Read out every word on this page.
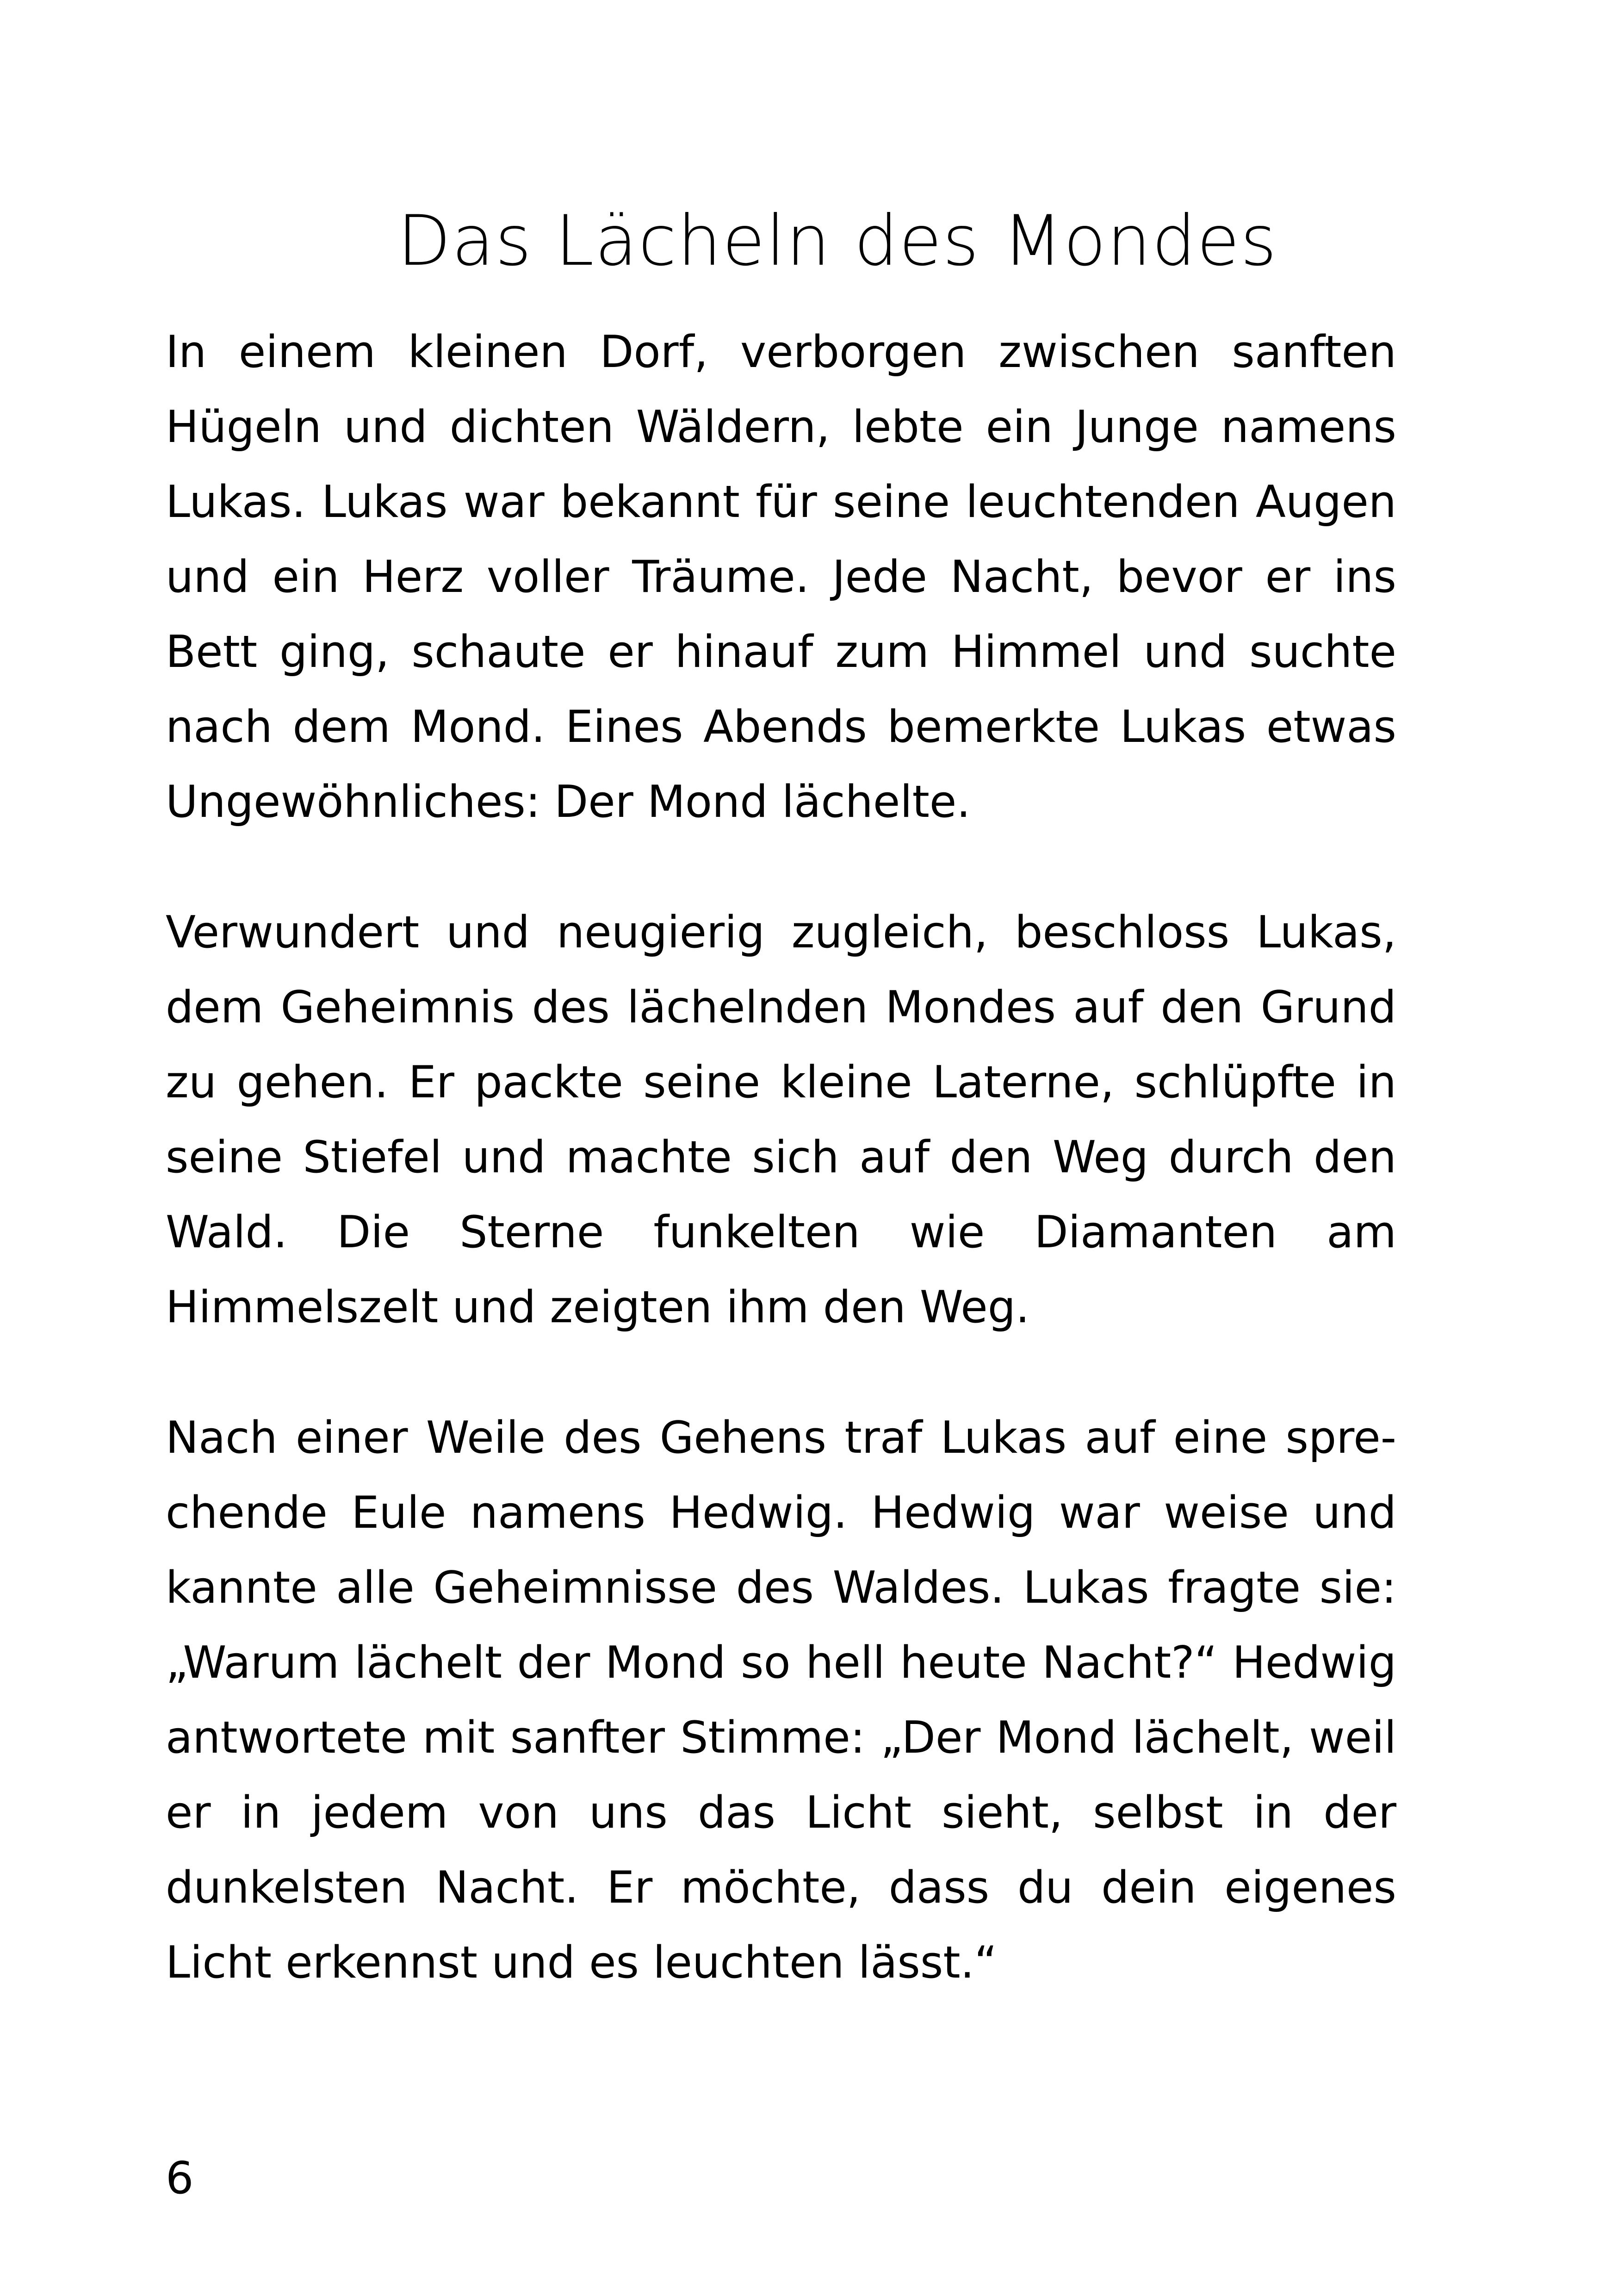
Das Lächeln des Mondes

In einem kleinen Dorf, verborgen zwischen sanften Hügeln und dichten Wäldern, lebte ein Junge namens Lukas. Lukas war bekannt für seine leuchtenden Augen und ein Herz voller Träume. Jede Nacht, bevor er ins Bett ging, schaute er hinauf zum Himmel und suchte nach dem Mond. Eines Abends bemerkte Lukas etwas Ungewöhnliches: Der Mond lächelte.

Verwundert und neugierig zugleich, beschloss Lukas, dem Geheimnis des lächelnden Mondes auf den Grund zu gehen. Er packte seine kleine Laterne, schlüpfte in seine Stiefel und machte sich auf den Weg durch den Wald. Die Sterne funkelten wie Diamanten am Himmelszelt und zeigten ihm den Weg.

Nach einer Weile des Gehens traf Lukas auf eine sprechende Eule namens Hedwig. Hedwig war weise und kannte alle Geheimnisse des Waldes. Lukas fragte sie: „Warum lächelt der Mond so hell heute Nacht?“ Hedwig antwortete mit sanfter Stimme: „Der Mond lächelt, weil er in jedem von uns das Licht sieht, selbst in der dunkelsten Nacht. Er möchte, dass du dein eigenes Licht erkennst und es leuchten lässt.“

6
